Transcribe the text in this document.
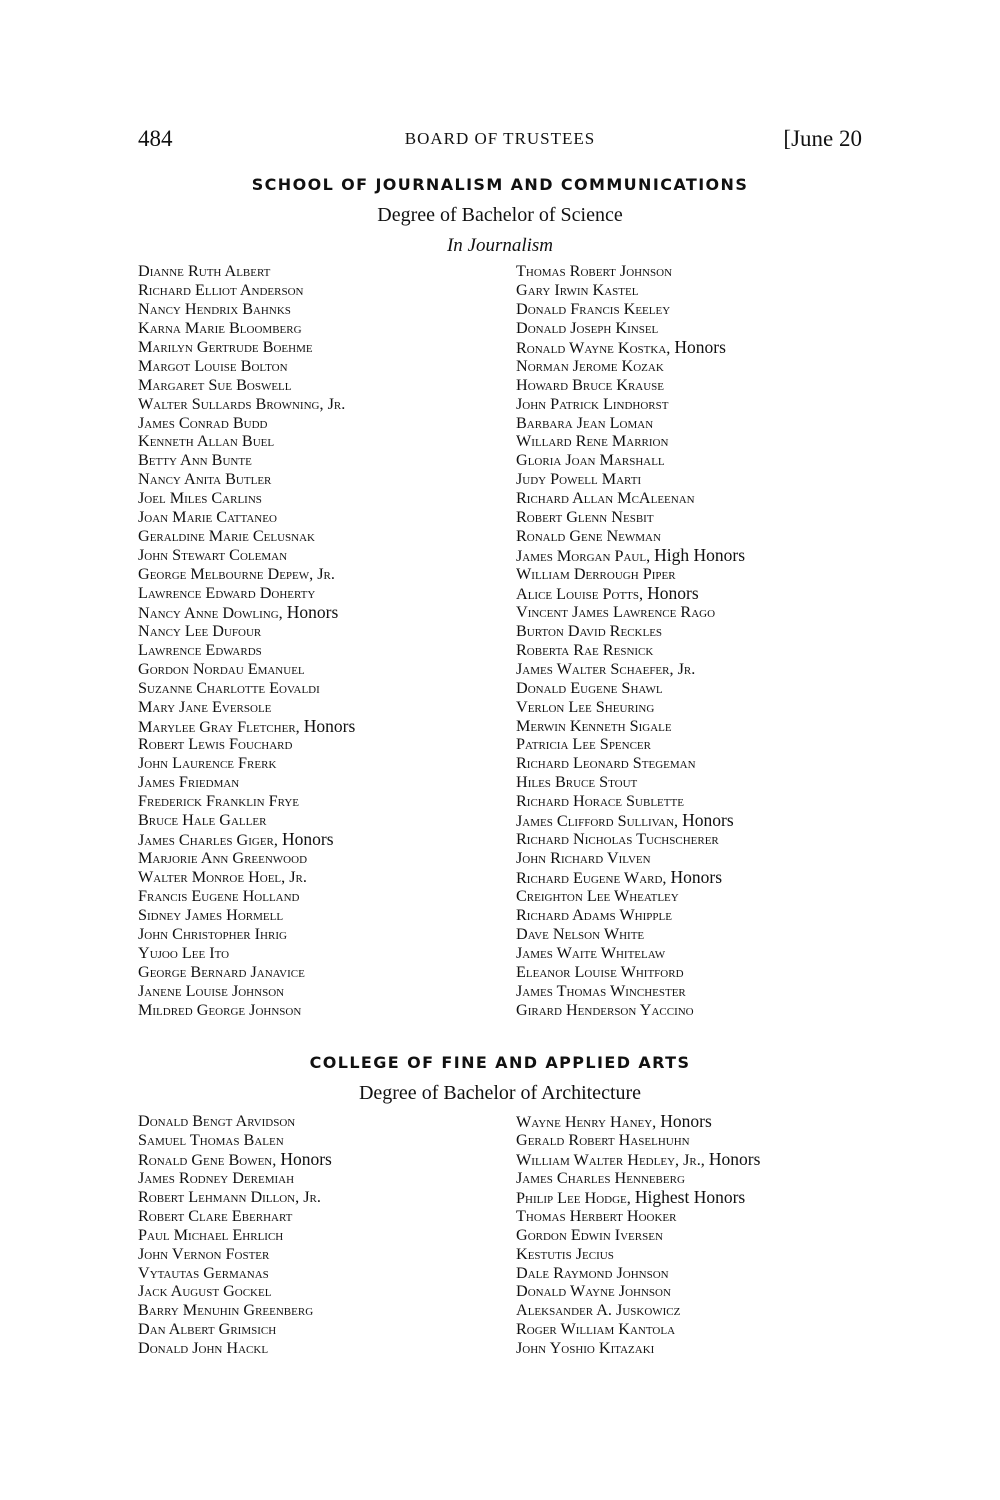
484	BOARD OF TRUSTEES	[June 20
SCHOOL OF JOURNALISM AND COMMUNICATIONS
Degree of Bachelor of Science
In Journalism
Dianne Ruth Albert
Richard Elliot Anderson
Nancy Hendrix Bahnks
Karna Marie Bloomberg
Marilyn Gertrude Boehme
Margot Louise Bolton
Margaret Sue Boswell
Walter Sullards Browning, Jr.
James Conrad Budd
Kenneth Allan Buel
Betty Ann Bunte
Nancy Anita Butler
Joel Miles Carlins
Joan Marie Cattaneo
Geraldine Marie Celusnak
John Stewart Coleman
George Melbourne Depew, Jr.
Lawrence Edward Doherty
Nancy Anne Dowling, Honors
Nancy Lee Dufour
Lawrence Edwards
Gordon Nordau Emanuel
Suzanne Charlotte Eovaldi
Mary Jane Eversole
Marylee Gray Fletcher, Honors
Robert Lewis Fouchard
John Laurence Frerk
James Friedman
Frederick Franklin Frye
Bruce Hale Galler
James Charles Giger, Honors
Marjorie Ann Greenwood
Walter Monroe Hoel, Jr.
Francis Eugene Holland
Sidney James Hormell
John Christopher Ihrig
Yujoo Lee Ito
George Bernard Janavice
Janene Louise Johnson
Mildred George Johnson
Thomas Robert Johnson
Gary Irwin Kastel
Donald Francis Keeley
Donald Joseph Kinsel
Ronald Wayne Kostka, Honors
Norman Jerome Kozak
Howard Bruce Krause
John Patrick Lindhorst
Barbara Jean Loman
Willard Rene Marrion
Gloria Joan Marshall
Judy Powell Marti
Richard Allan McAleenan
Robert Glenn Nesbit
Ronald Gene Newman
James Morgan Paul, High Honors
William Derrough Piper
Alice Louise Potts, Honors
Vincent James Lawrence Rago
Burton David Reckles
Roberta Rae Resnick
James Walter Schaefer, Jr.
Donald Eugene Shawl
Verlon Lee Sheuring
Merwin Kenneth Sigale
Patricia Lee Spencer
Richard Leonard Stegeman
Hiles Bruce Stout
Richard Horace Sublette
James Clifford Sullivan, Honors
Richard Nicholas Tuchscherer
John Richard Vilven
Richard Eugene Ward, Honors
Creighton Lee Wheatley
Richard Adams Whipple
Dave Nelson White
James Waite Whitelaw
Eleanor Louise Whitford
James Thomas Winchester
Girard Henderson Yaccino
COLLEGE OF FINE AND APPLIED ARTS
Degree of Bachelor of Architecture
Donald Bengt Arvidson
Samuel Thomas Balen
Ronald Gene Bowen, Honors
James Rodney Deremiah
Robert Lehmann Dillon, Jr.
Robert Clare Eberhart
Paul Michael Ehrlich
John Vernon Foster
Vytautas Germanas
Jack August Gockel
Barry Menuhin Greenberg
Dan Albert Grimsich
Donald John Hackl
Wayne Henry Haney, Honors
Gerald Robert Haselhuhn
William Walter Hedley, Jr., Honors
James Charles Henneberg
Philip Lee Hodge, Highest Honors
Thomas Herbert Hooker
Gordon Edwin Iversen
Kestutis Jecius
Dale Raymond Johnson
Donald Wayne Johnson
Aleksander A. Juskowicz
Roger William Kantola
John Yoshio Kitazaki
